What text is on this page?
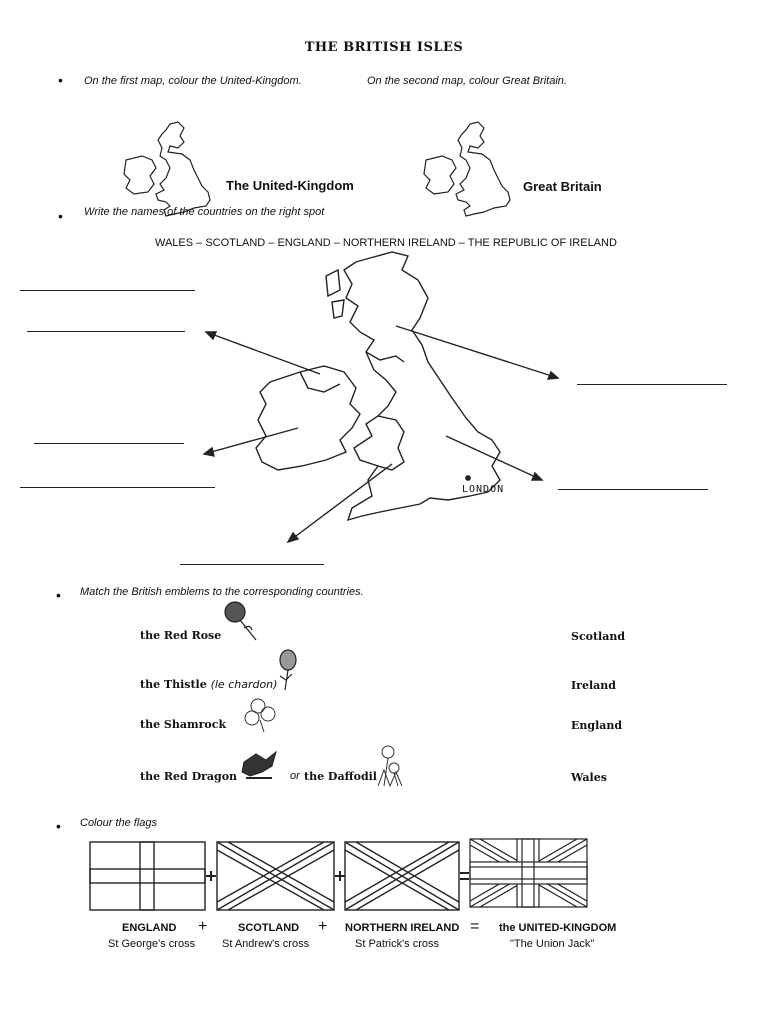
THE BRITISH ISLES
• On the first map, colour the United-Kingdom.	On the second map, colour Great Britain.
The United-Kingdom	Great Britain
• Write the names of the countries on the right spot
WALES – SCOTLAND – ENGLAND – NORTHERN IRELAND – THE REPUBLIC OF IRELAND
LONDON
• Match the British emblems to the corresponding countries.
the Red Rose
the Thistle (le chardon)
the Shamrock
the Red Dragon	or the Daffodil
Scotland
Ireland
England
Wales
• Colour the flags
ENGLAND
St George's cross
+	SCOTLAND
St Andrew's cross
+ NORTHERN IRELAND
St Patrick's cross
= the UNITED-KINGDOM
"The Union Jack"
